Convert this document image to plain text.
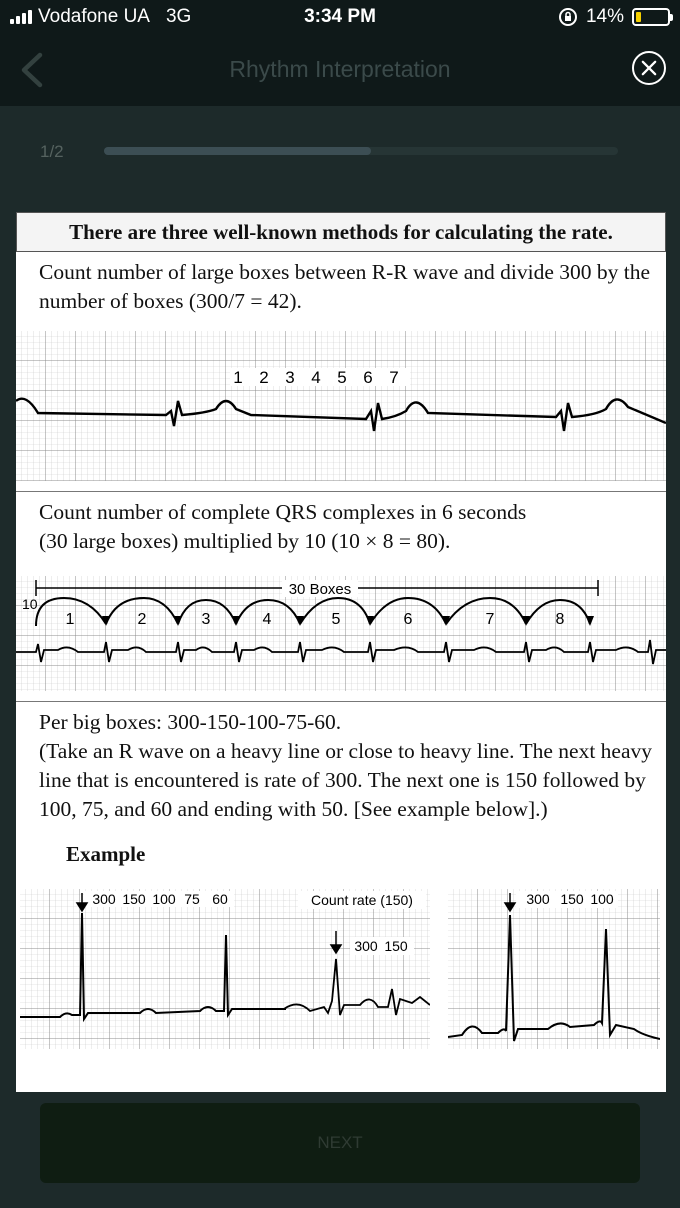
Vodafone UA 3G	3:34 PM	14%
Rhythm Interpretation
1/2
There are three well-known methods for calculating the rate.

Count number of large boxes between R-R wave and divide 300 by the number of boxes (300/7 = 42).

1 2 3 4 5 6 7

Count number of complete QRS complexes in 6 seconds

(30 large boxes) multiplied by 10 (10 × 8 = 80).

30 Boxes
10
1	2	3	4	5	6	7	8

Per big boxes: 300-150-100-75-60.

(Take an R wave on a heavy line or close to heavy line. The next heavy line that is encountered is rate of 300. The next one is 150 followed by 100, 75, and 60 and ending with 50. [See example below].)

Example
300 150 100 75 60	Count rate (150)
300 150
300 150 100
NEXT
